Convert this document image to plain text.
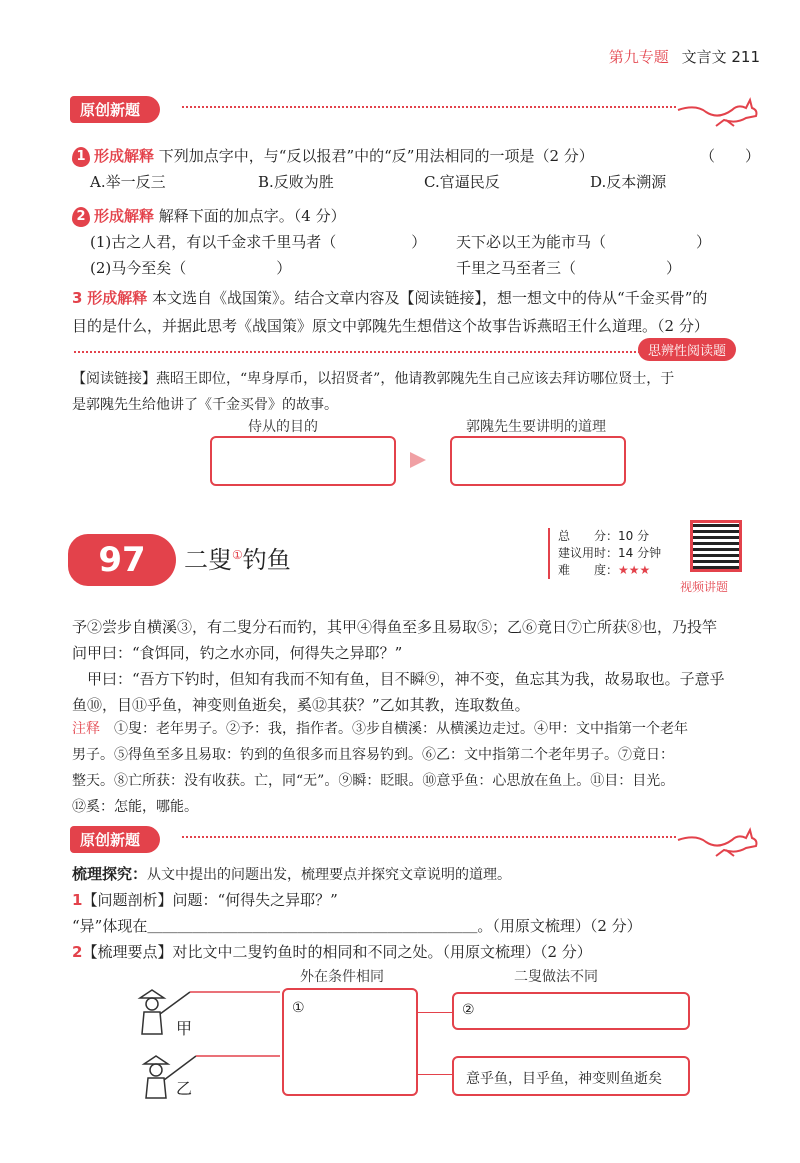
第九专题 文言文 211
原创新题
1 形成解释 下列加点字中，与“反以报君”中的“反”用法相同的一项是（2 分）	（　　）
A.举一反三	B.反败为胜	C.官逼民反	D.反本溯源
2 形成解释 解释下面的加点字。（4 分）
(1)古之人君，有以千金求千里马者（　　　　　） 天下必以王为能市马（　　　　　　）
(2)马今至矣（　　　　　　）	千里之马至者三（　　　　　　）
3 形成解释 本文选自《战国策》。结合文章内容及【阅读链接】，想一想文中的侍从“千金买骨”的
目的是什么，并据此思考《战国策》原文中郭隗先生想借这个故事告诉燕昭王什么道理。（2 分）
思辨性阅读题
【阅读链接】燕昭王即位，“卑身厚币，以招贤者”，他请教郭隗先生自己应该去拜访哪位贤士，于
是郭隗先生给他讲了《千金买骨》的故事。
侍从的目的	郭隗先生要讲明的道理
97	二叟①钓鱼
总　　分：10 分
建议用时：14 分钟
难　　度：★★★
视频讲题
予②尝步自横溪③，有二叟分石而钓，其甲④得鱼至多且易取⑤；乙⑥竟日⑦亡所获⑧也，乃投竿
问甲曰：“食饵同，钓之水亦同，何得失之异耶？”
　甲曰：“吾方下钓时，但知有我而不知有鱼，目不瞬⑨，神不变，鱼忘其为我，故易取也。子意乎
鱼⑩，目⑪乎鱼，神变则鱼逝矣，奚⑫其获？”乙如其教，连取数鱼。
注释　 ①叟：老年男子。②予：我，指作者。③步自横溪：从横溪边走过。④甲：文中指第一个老年
男子。⑤得鱼至多且易取：钓到的鱼很多而且容易钓到。⑥乙：文中指第二个老年男子。⑦竟日：
整天。⑧亡所获：没有收获。亡，同“无”。⑨瞬：眨眼。⑩意乎鱼：心思放在鱼上。⑪目：目光。
⑫奚：怎能，哪能。
原创新题
梳理探究：从文中提出的问题出发，梳理要点并探究文章说明的道理。
1【问题剖析】问题：“何得失之异耶？”
“异”体现在＿＿＿＿＿＿＿＿＿＿＿＿＿＿＿＿＿＿＿＿＿＿。（用原文梳理）（2 分）
2【梳理要点】对比文中二叟钓鱼时的相同和不同之处。（用原文梳理）（2 分）
外在条件相同	二叟做法不同
甲
乙
①	②
意乎鱼，目乎鱼，神变则鱼逝矣
